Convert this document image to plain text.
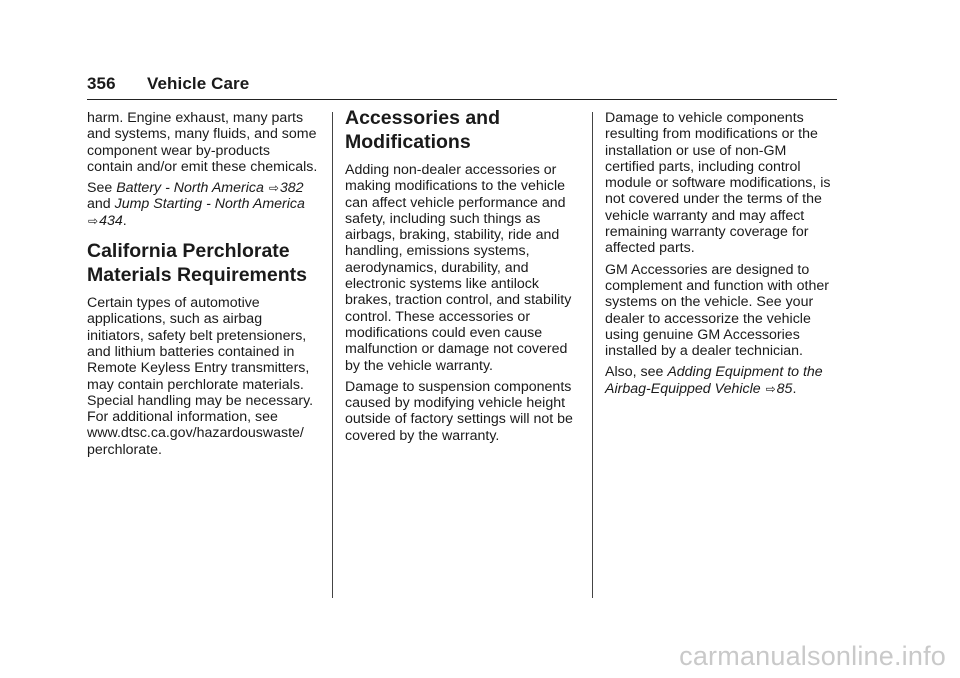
356 Vehicle Care

harm. Engine exhaust, many parts and systems, many fluids, and some component wear by-products contain and/or emit these chemicals.

See Battery - North America ⇨382 and Jump Starting - North America ⇨434.

California Perchlorate Materials Requirements

Certain types of automotive applications, such as airbag initiators, safety belt pretensioners, and lithium batteries contained in Remote Keyless Entry transmitters, may contain perchlorate materials. Special handling may be necessary. For additional information, see www.dtsc.ca.gov/hazardouswaste/ perchlorate.

Accessories and Modifications

Adding non-dealer accessories or making modifications to the vehicle can affect vehicle performance and safety, including such things as airbags, braking, stability, ride and handling, emissions systems, aerodynamics, durability, and electronic systems like antilock brakes, traction control, and stability control. These accessories or modifications could even cause malfunction or damage not covered by the vehicle warranty.

Damage to suspension components caused by modifying vehicle height outside of factory settings will not be covered by the warranty.

Damage to vehicle components resulting from modifications or the installation or use of non-GM certified parts, including control module or software modifications, is not covered under the terms of the vehicle warranty and may affect remaining warranty coverage for affected parts.

GM Accessories are designed to complement and function with other systems on the vehicle. See your dealer to accessorize the vehicle using genuine GM Accessories installed by a dealer technician.

Also, see Adding Equipment to the Airbag-Equipped Vehicle ⇨85.

carmanualsonline.info
